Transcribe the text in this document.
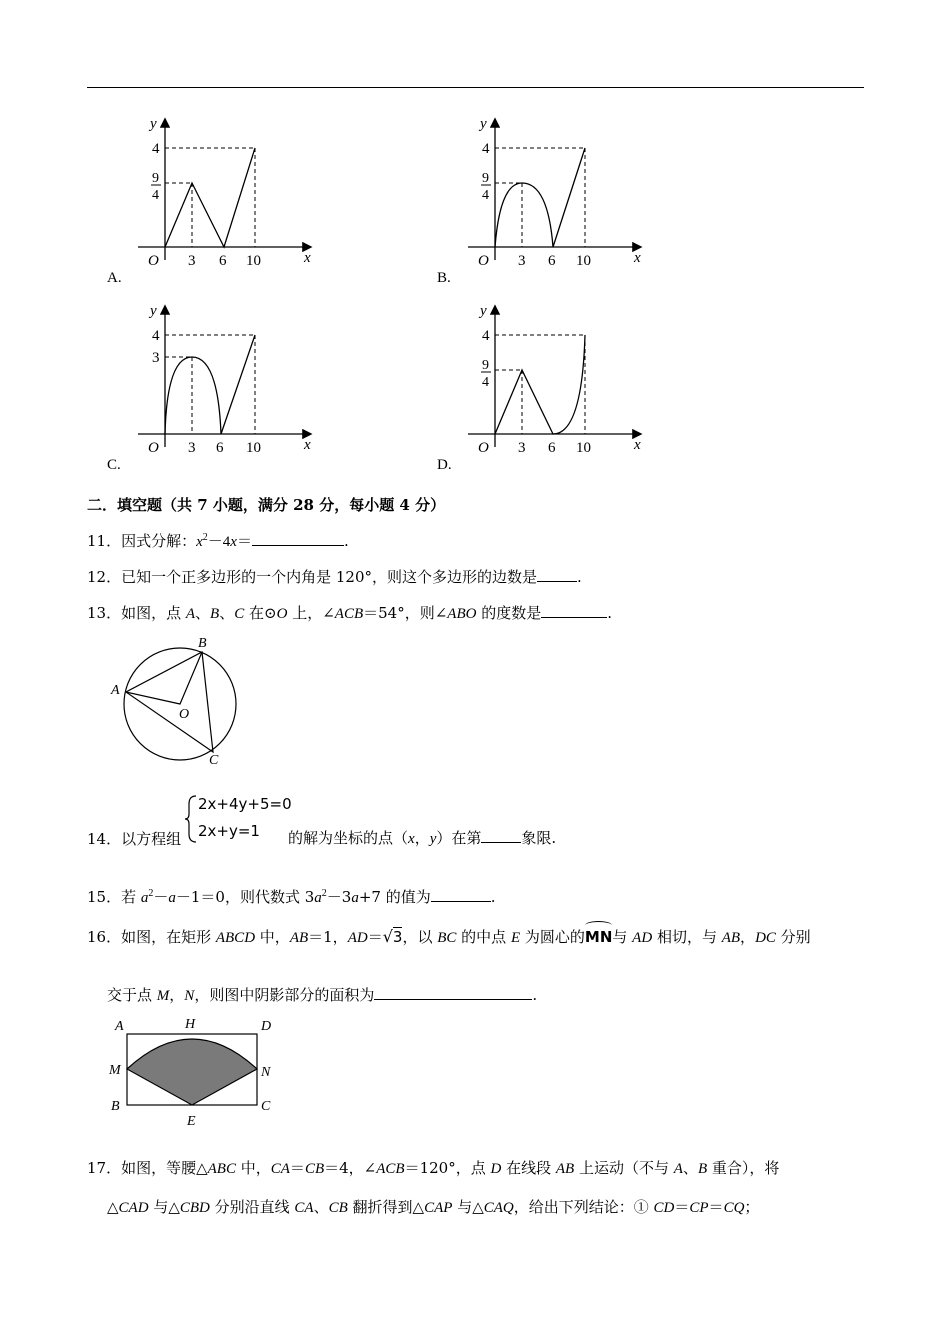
4
9
4
O 3 6 10	x
y
A.
4
9
4
O 3 6 10	x
y
B.
4
3
O 3 6 10	x
y
C.
4
9
4
O 3 6 10	x
y
D.
二．填空题（共 7 小题，满分 28 分，每小题 4 分）
11．因式分解：$x^2-4x=$	.
12．已知一个正多边形的一个内角是 120°，则这个多边形的边数是	.
13．如图，点 A、B、C 在⊙O 上，∠ACB＝54°，则∠ABO 的度数是	.
A
B
C
O
14．以方程组
2x+4y+5=0
2x+y=1 的解为坐标的点（x，y）在第	象限.
15．若 $a^2-a-1=0$，则代数式 $3a^2-3a+7$ 的值为	.
16．如图，在矩形 ABCD 中，AB＝1，AD＝√3，以 BC 的中点 E 为圆心的
MN与 AD 相切，与 AB，DC 分别
交于点 M，N，则图中阴影部分的面积为	.
A	H	D
M	N
B
E
C
17．如图，等腰△ABC 中，CA＝CB＝4，∠ACB＝120°，点 D 在线段 AB 上运动（不与 A、B 重合），将
△CAD 与△CBD 分别沿直线 CA、CB 翻折得到△CAP 与△CAQ，给出下列结论：① CD＝CP＝CQ；
